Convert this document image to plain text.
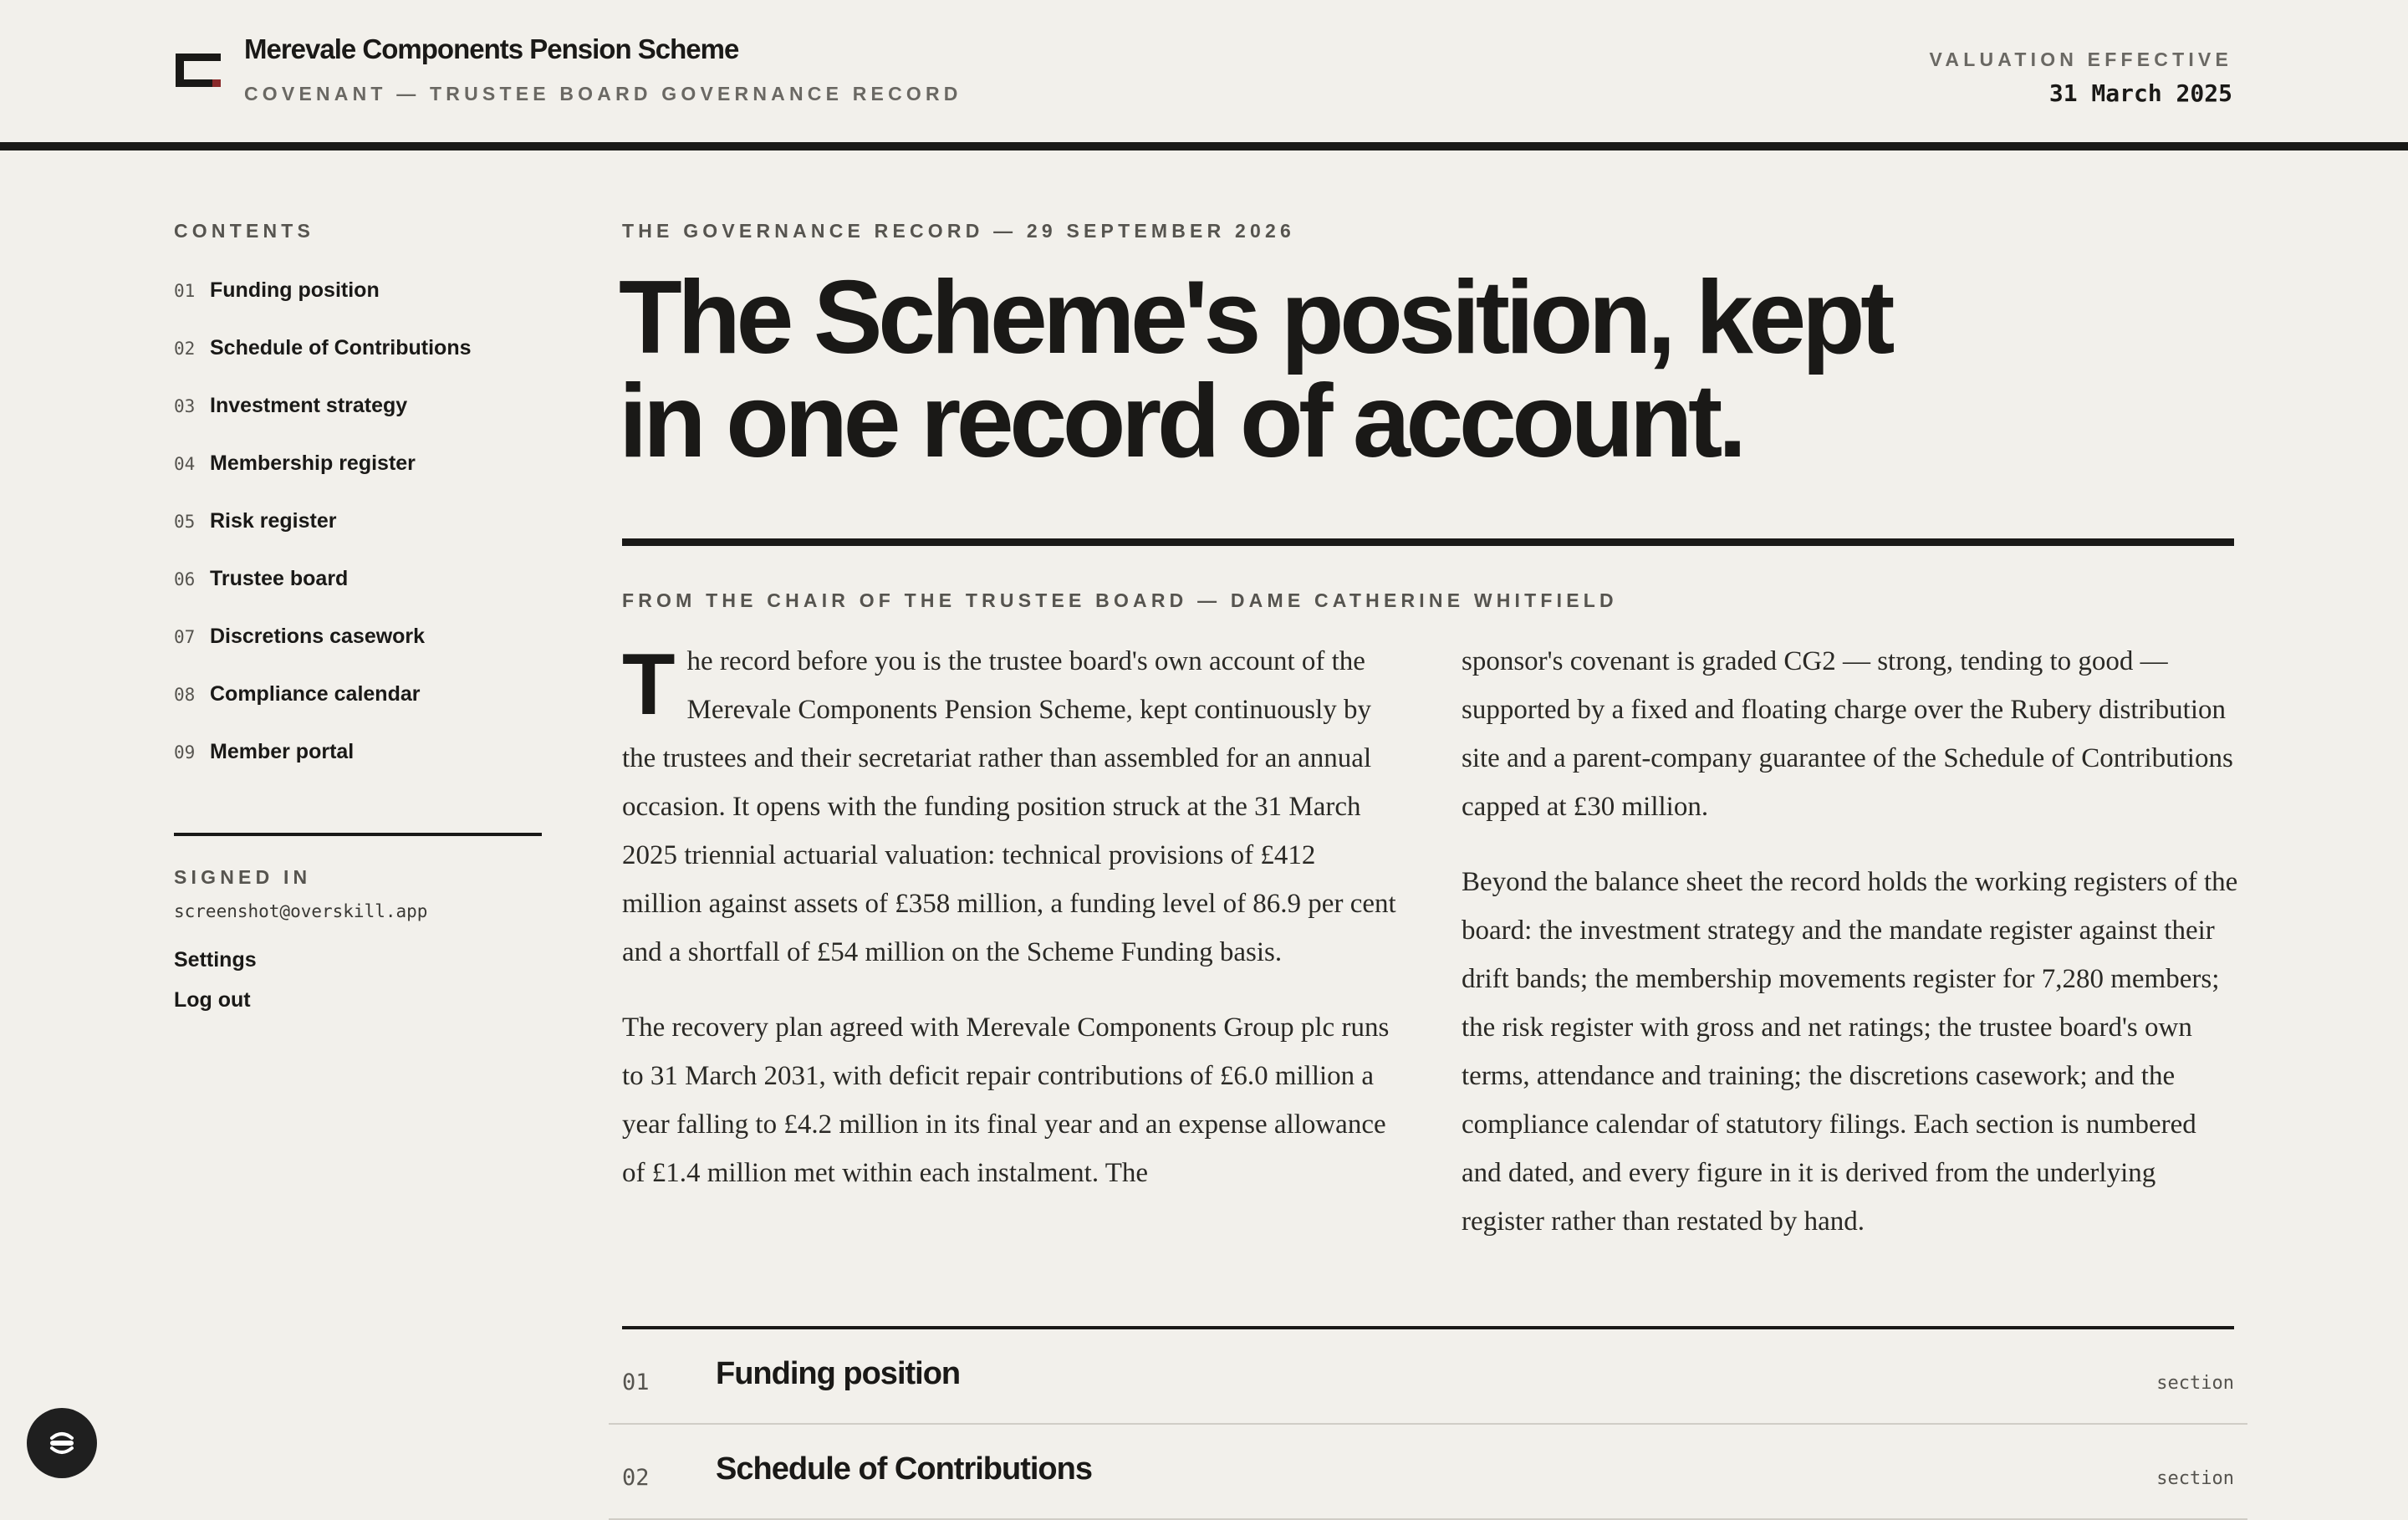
Merevale Components Pension Scheme
COVENANT — TRUSTEE BOARD GOVERNANCE RECORD
VALUATION EFFECTIVE
31 March 2025
CONTENTS
01 Funding position
02 Schedule of Contributions
03 Investment strategy
04 Membership register
05 Risk register
06 Trustee board
07 Discretions casework
08 Compliance calendar
09 Member portal
SIGNED IN
screenshot@overskill.app
Settings
Log out
THE GOVERNANCE RECORD — 29 SEPTEMBER 2026
The Scheme's position, kept
in one record of account.
FROM THE CHAIR OF THE TRUSTEE BOARD — DAME CATHERINE WHITFIELD

The record before you is the trustee board's own account of the Merevale Components Pension Scheme, kept continuously by the trustees and their secretariat rather than assembled for an annual occasion. It opens with the funding position struck at the 31 March 2025 triennial actuarial valuation: technical provisions of £412 million against assets of £358 million, a funding level of 86.9 per cent and a shortfall of £54 million on the Scheme Funding basis.

The recovery plan agreed with Merevale Components Group plc runs to 31 March 2031, with deficit repair contributions of £6.0 million a year falling to £4.2 million in its final year and an expense allowance of £1.4 million met within each instalment. The

sponsor's covenant is graded CG2 — strong, tending to good — supported by a fixed and floating charge over the Rubery distribution site and a parent-company guarantee of the Schedule of Contributions capped at £30 million.

Beyond the balance sheet the record holds the working registers of the board: the investment strategy and the mandate register against their drift bands; the membership movements register for 7,280 members; the risk register with gross and net ratings; the trustee board's own terms, attendance and training; the discretions casework; and the compliance calendar of statutory filings. Each section is numbered and dated, and every figure in it is derived from the underlying register rather than restated by hand.

01 Funding position	section
02 Schedule of Contributions	section
